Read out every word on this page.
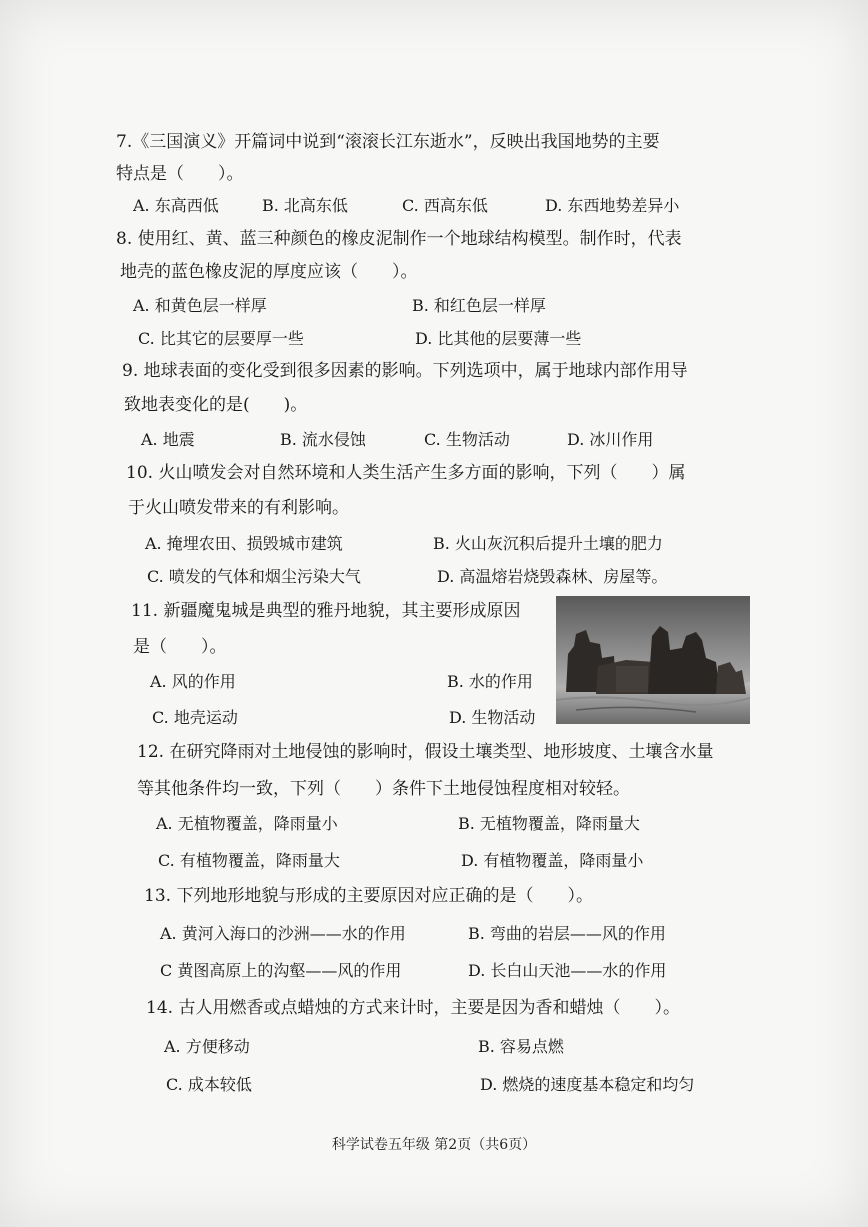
7.《三国演义》开篇词中说到“滚滚长江东逝水”，反映出我国地势的主要
特点是（　　）。
A. 东高西低	B. 北高东低	C. 西高东低	D. 东西地势差异小
8. 使用红、黄、蓝三种颜色的橡皮泥制作一个地球结构模型。制作时，代表
地壳的蓝色橡皮泥的厚度应该（　　）。
A. 和黄色层一样厚	B. 和红色层一样厚
C. 比其它的层要厚一些	D. 比其他的层要薄一些
9. 地球表面的变化受到很多因素的影响。下列选项中，属于地球内部作用导
致地表变化的是(　　)。
A. 地震	B. 流水侵蚀	C. 生物活动	D. 冰川作用
10. 火山喷发会对自然环境和人类生活产生多方面的影响，下列（　　）属
于火山喷发带来的有利影响。
A. 掩埋农田、损毁城市建筑	B. 火山灰沉积后提升土壤的肥力
C. 喷发的气体和烟尘污染大气	D. 高温熔岩烧毁森林、房屋等。
11. 新疆魔鬼城是典型的雅丹地貌，其主要形成原因
是（　　）。
A. 风的作用	B. 水的作用
C. 地壳运动	D. 生物活动
12. 在研究降雨对土地侵蚀的影响时，假设土壤类型、地形坡度、土壤含水量
等其他条件均一致，下列（　　）条件下土地侵蚀程度相对较轻。
A. 无植物覆盖，降雨量小	B. 无植物覆盖，降雨量大
C. 有植物覆盖，降雨量大	D. 有植物覆盖，降雨量小
13. 下列地形地貌与形成的主要原因对应正确的是（　　）。
A. 黄河入海口的沙洲——水的作用	B. 弯曲的岩层——风的作用
C 黄图高原上的沟壑——风的作用	D. 长白山天池——水的作用
14. 古人用燃香或点蜡烛的方式来计时，主要是因为香和蜡烛（　　）。
A. 方便移动	B. 容易点燃
C. 成本较低	D. 燃烧的速度基本稳定和均匀
科学试卷五年级 第2页（共6页）
